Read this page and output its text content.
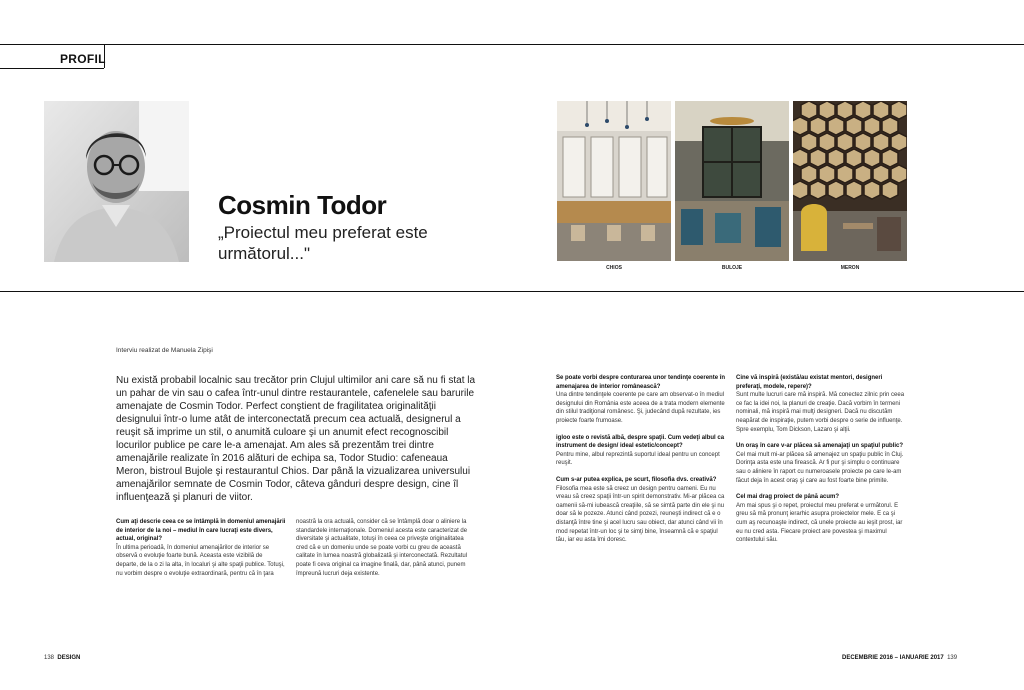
PROFIL
Cosmin Todor
„Proiectul meu preferat este următorul..."
CHIOS	BULOJE	MERON
Interviu realizat de Manuela Zipişi
Nu există probabil localnic sau trecător prin Clujul ultimilor ani care să nu fi stat la un pahar de vin sau o cafea într-unul dintre restaurantele, cafenelele sau barurile amenajate de Cosmin Todor. Perfect conştient de fragilitatea originalităţii designului într-o lume atât de interconectată precum cea actuală, designerul a reuşit să imprime un stil, o anumită culoare şi un anumit efect recognoscibil locurilor publice pe care le-a amenajat. Am ales să prezentăm trei dintre amenajările realizate în 2016 alături de echipa sa, Todor Studio: cafeneaua Meron, bistroul Bujole şi restaurantul Chios. Dar până la vizualizarea universului amenajărilor semnate de Cosmin Todor, câteva gânduri despre design, cine îl influenţează şi planuri de viitor.
Cum aţi descrie ceea ce se întâmplă în domeniul amenajării de interior de la noi – mediul în care lucraţi este divers, actual, original?
În ultima perioadă, în domeniul amenajărilor de interior se observă o evoluţie foarte bună. Aceasta este vizibilă de departe, de la o zi la alta, în localuri şi alte spaţii publice. Totuşi, nu vorbim despre o evoluţie extraordinară, pentru că în ţara
noastră la ora actuală, consider că se întâmplă doar o aliniere la standardele internaţionale. Domeniul acesta este caracterizat de diversitate şi actualitate, totuşi în ceea ce priveşte originalitatea cred că e un domeniu unde se poate vorbi cu greu de această calitate în lumea noastră globalizată şi interconectată. Rezultatul poate fi ceva original ca imagine finală, dar, până atunci, punem împreună lucruri deja existente.
Se poate vorbi despre conturarea unor tendinţe coerente în amenajarea de interior românească?
Una dintre tendinţele coerente pe care am observat-o în mediul designului din România este aceea de a trata modern elemente din stilul tradiţional românesc. Şi, judecând după rezultate, ies proiecte foarte frumoase.
igloo este o revistă albă, despre spaţii. Cum vedeţi albul ca instrument de design/ ideal estetic/concept?
Pentru mine, albul reprezintă suportul ideal pentru un concept reuşit.
Cum s-ar putea explica, pe scurt, filosofia dvs. creativă?
Filosofia mea este să creez un design pentru oameni. Eu nu vreau să creez spaţii într-un spirit demonstrativ. Mi-ar plăcea ca oamenii să-mi iubească creaţiile, să se simtă parte din ele şi nu doar să le pozeze. Atunci când pozezi, reuneşti indirect că e o distanţă între tine şi acel lucru sau obiect, dar atunci când vii în mod repetat într-un loc şi te simţi bine, înseamnă că e spaţiul tău, iar eu asta îmi doresc.
Cine vă inspiră (există/au existat mentori, designeri preferaţi, modele, repere)?
Sunt multe lucruri care mă inspiră. Mă conectez zilnic prin ceea ce fac la idei noi, la planuri de creaţie. Dacă vorbim în termeni nominali, mă inspiră mai mulţi designeri. Dacă nu discutăm neapărat de inspiraţie, putem vorbi despre o serie de influenţe. Spre exemplu, Tom Dickson, Lazaro şi alţii.
Un oraş în care v-ar plăcea să amenajaţi un spaţiul public?
Cel mai mult mi-ar plăcea să amenajez un spaţiu public în Cluj. Dorinţa asta este una firească. Ar fi pur şi simplu o continuare sau o aliniere în raport cu numeroasele proiecte pe care le-am făcut deja în acest oraş şi care au fost foarte bine primite.
Cel mai drag proiect de până acum?
Am mai spus şi o repet, proiectul meu preferat e următorul. E greu să mă pronunţ ierarhic asupra proiectelor mele. E ca şi cum aş recunoaşte indirect, că unele proiecte au ieşit prost, iar eu nu cred asta. Fiecare proiect are povestea şi maximul contextului său.
138 DESIGN	DECEMBRIE 2016 – IANUARIE 2017 139
